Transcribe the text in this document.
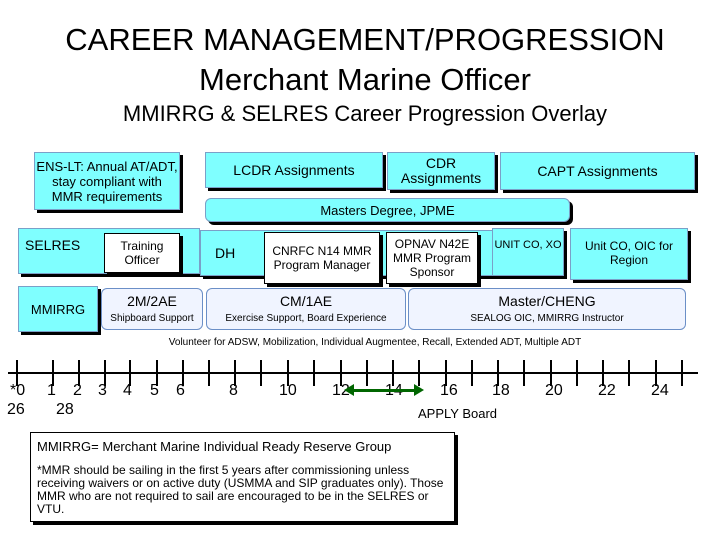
CAREER MANAGEMENT/PROGRESSION
Merchant Marine Officer
MMIRRG & SELRES Career Progression Overlay
ENS-LT: Annual AT/ADT, stay compliant with MMR requirements
LCDR Assignments	CDR Assignments	CAPT Assignments
Masters Degree, JPME
SELRES	Training Officer	DH	CNRFC N14 MMR Program Manager
OPNAV N42E MMR Program Sponsor
UNIT CO, XO	Unit CO, OIC for Region
MMIRRG	2M/2AE
Shipboard Support
CM/1AE
Exercise Support, Board Experience
Master/CHENG
SEALOG OIC, MMIRRG Instructor
Volunteer for ADSW, Mobilization, Individual Augmentee, Recall, Extended ADT, Multiple ADT
*0 1 2 3 4 5 6	8	10 12	16 18 20 22 24
26 28	APPLY Board
MMIRRG= Merchant Marine Individual Ready Reserve Group
*MMR should be sailing in the first 5 years after commissioning unless receiving waivers or on active duty (USMMA and SIP graduates only). Those MMR who are not required to sail are encouraged to be in the SELRES or VTU.
